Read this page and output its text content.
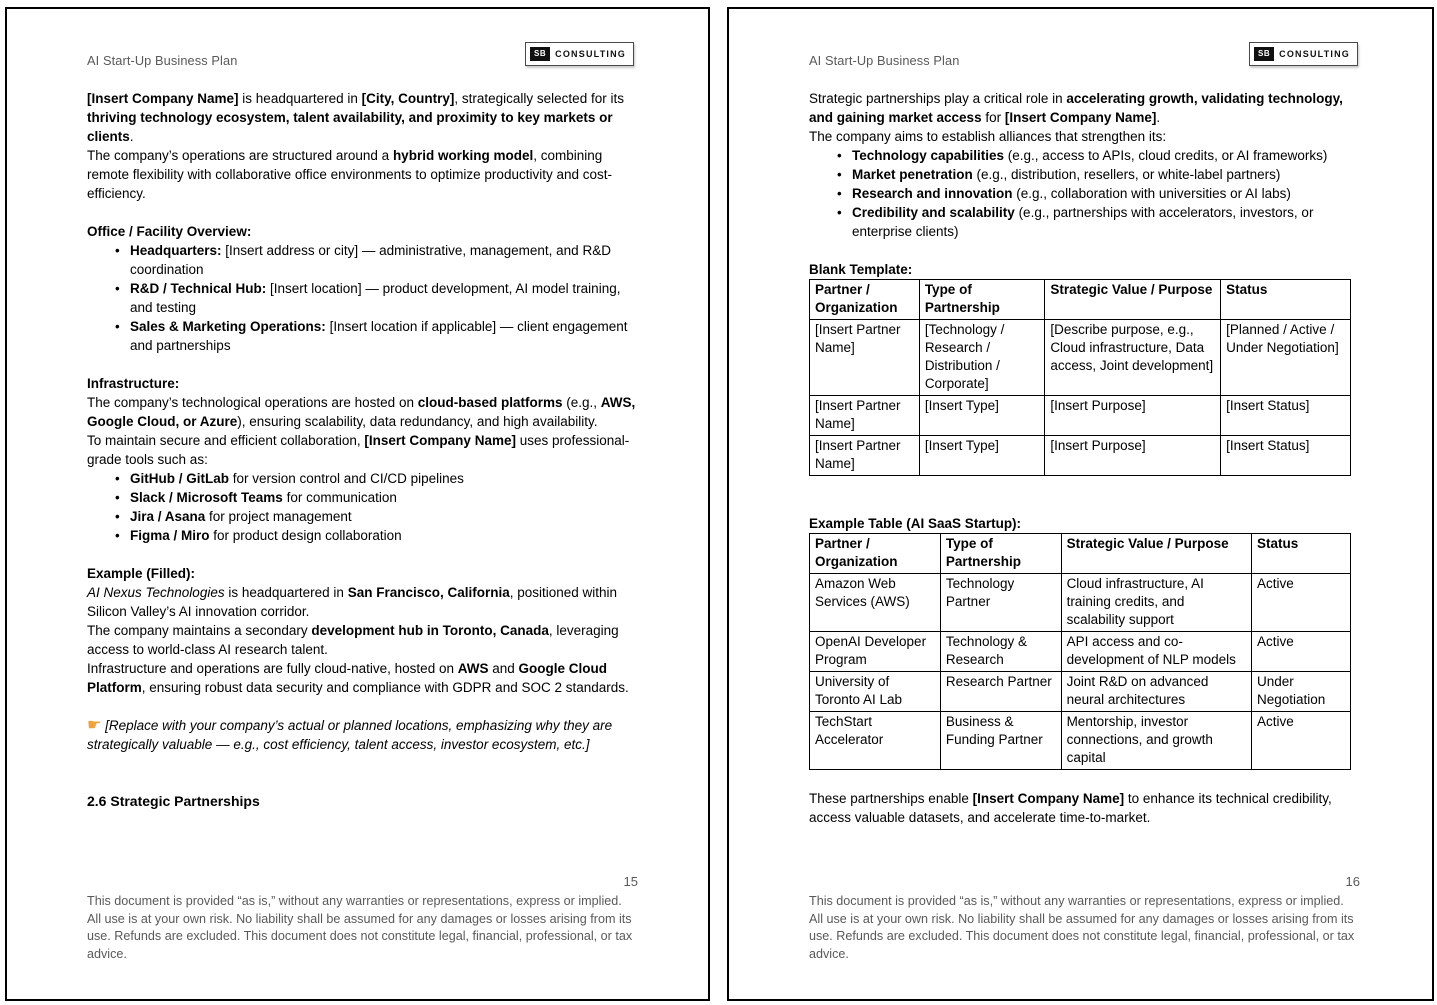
AI Start-Up Business Plan	SB	CONSULTING

[Insert Company Name] is headquartered in [City, Country], strategically selected for its thriving technology ecosystem, talent availability, and proximity to key markets or clients.

The company’s operations are structured around a hybrid working model, combining remote flexibility with collaborative office environments to optimize productivity and cost-efficiency.

Office / Facility Overview:

• Headquarters: [Insert address or city] — administrative, management, and R&D coordination
• R&D / Technical Hub: [Insert location] — product development, AI model training, and testing
• Sales & Marketing Operations: [Insert location if applicable] — client engagement and partnerships

Infrastructure:

The company’s technological operations are hosted on cloud-based platforms (e.g., AWS, Google Cloud, or Azure), ensuring scalability, data redundancy, and high availability.

To maintain secure and efficient collaboration, [Insert Company Name] uses professional-grade tools such as:

• GitHub / GitLab for version control and CI/CD pipelines
• Slack / Microsoft Teams for communication
• Jira / Asana for project management
• Figma / Miro for product design collaboration

Example (Filled):

AI Nexus Technologies is headquartered in San Francisco, California, positioned within Silicon Valley’s AI innovation corridor.

The company maintains a secondary development hub in Toronto, Canada, leveraging access to world-class AI research talent.

Infrastructure and operations are fully cloud-native, hosted on AWS and Google Cloud Platform, ensuring robust data security and compliance with GDPR and SOC 2 standards.

☛ [Replace with your company’s actual or planned locations, emphasizing why they are strategically valuable — e.g., cost efficiency, talent access, investor ecosystem, etc.]

2.6 Strategic Partnerships

15

This document is provided “as is,” without any warranties or representations, express or implied. All use is at your own risk. No liability shall be assumed for any damages or losses arising from its use. Refunds are excluded. This document does not constitute legal, financial, professional, or tax advice.

AI Start-Up Business Plan	SB	CONSULTING

Strategic partnerships play a critical role in accelerating growth, validating technology, and gaining market access for [Insert Company Name].

The company aims to establish alliances that strengthen its:

• Technology capabilities (e.g., access to APIs, cloud credits, or AI frameworks)
• Market penetration (e.g., distribution, resellers, or white-label partners)
• Research and innovation (e.g., collaboration with universities or AI labs)
• Credibility and scalability (e.g., partnerships with accelerators, investors, or enterprise clients)

Blank Template:

Partner / Organization	Type of Partnership	Strategic Value / Purpose	Status
[Insert Partner Name]	[Technology / Research / Distribution / Corporate]	[Describe purpose, e.g., Cloud infrastructure, Data access, Joint development]	[Planned / Active / Under Negotiation]
[Insert Partner Name]	[Insert Type]	[Insert Purpose]	[Insert Status]
[Insert Partner Name]	[Insert Type]	[Insert Purpose]	[Insert Status]

Example Table (AI SaaS Startup):

Partner / Organization	Type of Partnership	Strategic Value / Purpose	Status
Amazon Web Services (AWS)	Technology Partner	Cloud infrastructure, AI training credits, and scalability support	Active
OpenAI Developer Program	Technology & Research	API access and co-development of NLP models	Active
University of Toronto AI Lab	Research Partner	Joint R&D on advanced neural architectures	Under Negotiation
TechStart Accelerator	Business & Funding Partner	Mentorship, investor connections, and growth capital	Active

These partnerships enable [Insert Company Name] to enhance its technical credibility, access valuable datasets, and accelerate time-to-market.

16

This document is provided “as is,” without any warranties or representations, express or implied. All use is at your own risk. No liability shall be assumed for any damages or losses arising from its use. Refunds are excluded. This document does not constitute legal, financial, professional, or tax advice.
